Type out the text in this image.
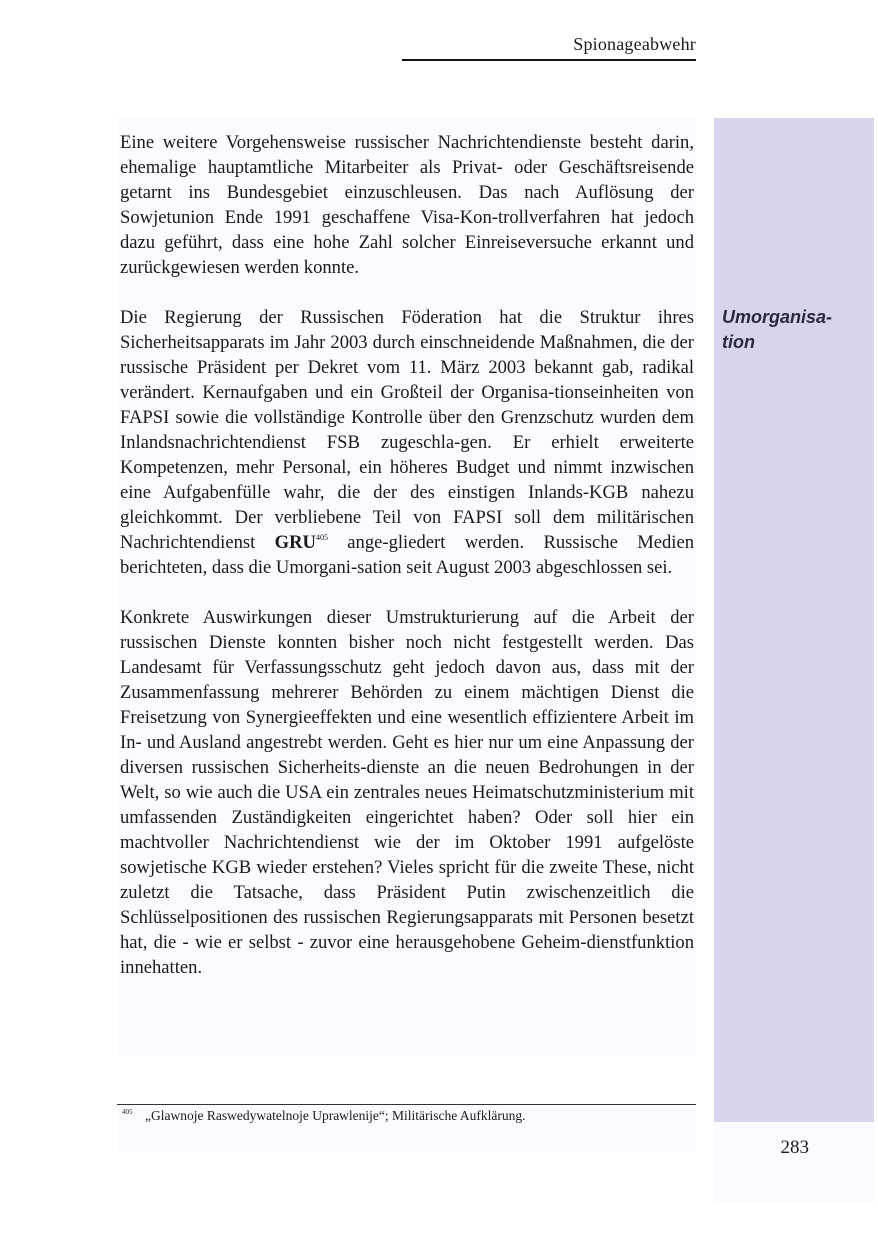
Spionageabwehr

Eine weitere Vorgehensweise russischer Nachrichtendienste besteht darin, ehemalige hauptamtliche Mitarbeiter als Privat- oder Geschäftsreisende getarnt ins Bundesgebiet einzuschleusen. Das nach Auflösung der Sowjetunion Ende 1991 geschaffene Visa-Kon-trollverfahren hat jedoch dazu geführt, dass eine hohe Zahl solcher Einreiseversuche erkannt und zurückgewiesen werden konnte.

Die Regierung der Russischen Föderation hat die Struktur ihres Sicherheitsapparats im Jahr 2003 durch einschneidende Maßnahmen, die der russische Präsident per Dekret vom 11. März 2003 bekannt gab, radikal verändert. Kernaufgaben und ein Großteil der Organisa-tionseinheiten von FAPSI sowie die vollständige Kontrolle über den Grenzschutz wurden dem Inlandsnachrichtendienst FSB zugeschla-gen. Er erhielt erweiterte Kompetenzen, mehr Personal, ein höheres Budget und nimmt inzwischen eine Aufgabenfülle wahr, die der des einstigen Inlands-KGB nahezu gleichkommt. Der verbliebene Teil von FAPSI soll dem militärischen Nachrichtendienst GRU$^{405}$ ange-gliedert werden. Russische Medien berichteten, dass die Umorgani-sation seit August 2003 abgeschlossen sei.

Konkrete Auswirkungen dieser Umstrukturierung auf die Arbeit der russischen Dienste konnten bisher noch nicht festgestellt werden. Das Landesamt für Verfassungsschutz geht jedoch davon aus, dass mit der Zusammenfassung mehrerer Behörden zu einem mächtigen Dienst die Freisetzung von Synergieeffekten und eine wesentlich effizientere Arbeit im In- und Ausland angestrebt werden. Geht es hier nur um eine Anpassung der diversen russischen Sicherheits-dienste an die neuen Bedrohungen in der Welt, so wie auch die USA ein zentrales neues Heimatschutzministerium mit umfassenden Zuständigkeiten eingerichtet haben? Oder soll hier ein machtvoller Nachrichtendienst wie der im Oktober 1991 aufgelöste sowjetische KGB wieder erstehen? Vieles spricht für die zweite These, nicht zuletzt die Tatsache, dass Präsident Putin zwischenzeitlich die Schlüsselpositionen des russischen Regierungsapparats mit Personen besetzt hat, die - wie er selbst - zuvor eine herausgehobene Geheim-dienstfunktion innehatten.

Umorganisa-
tion
405 „Glawnoje Raswedywatelnoje Uprawlenije“; Militärische Aufklärung.
283
